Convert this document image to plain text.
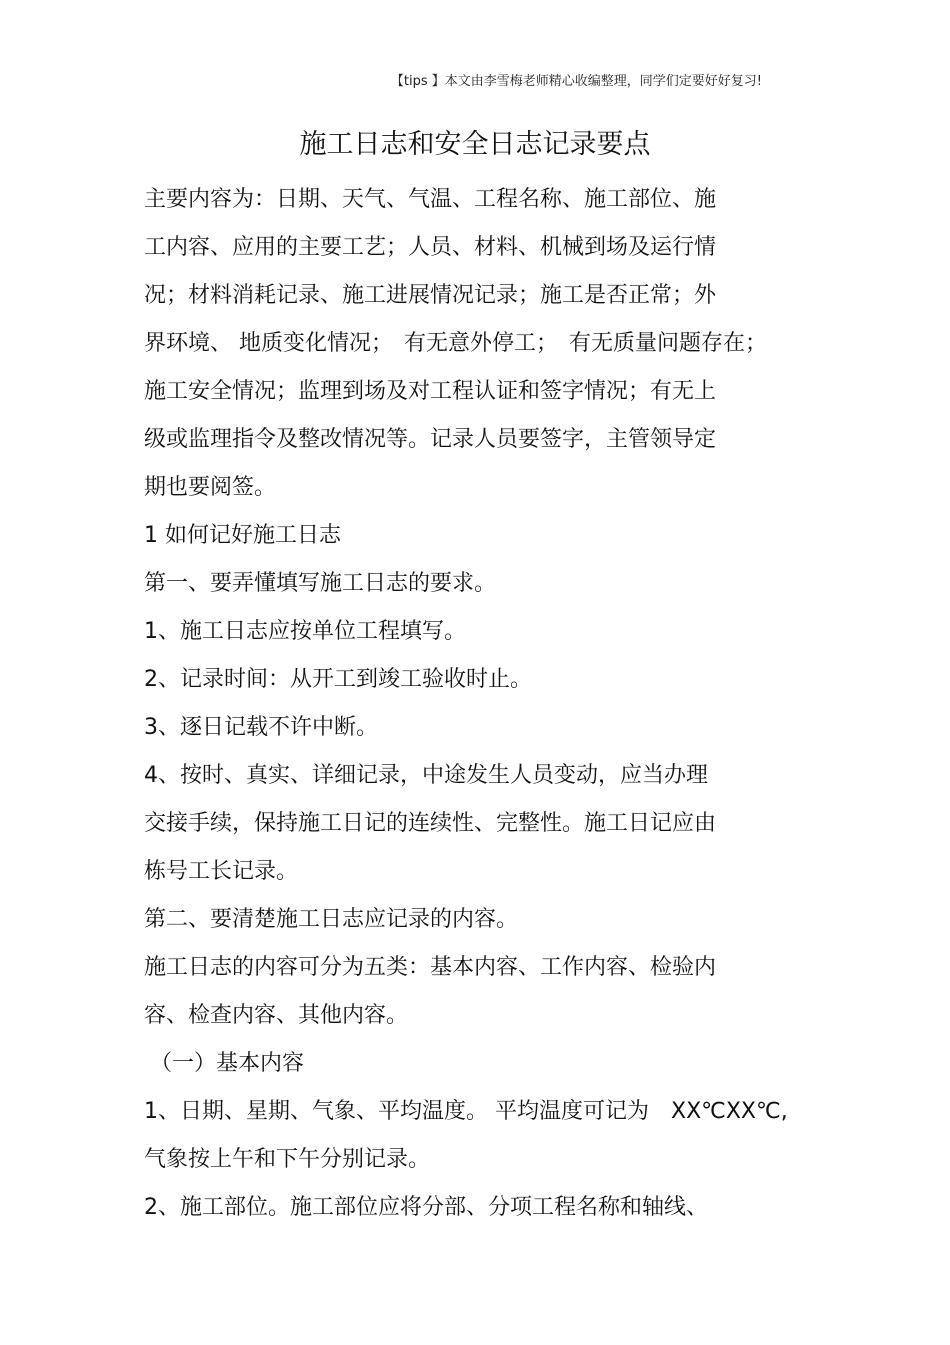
【tips 】本文由李雪梅老师精心收编整理，同学们定要好好复习!
施工日志和安全日志记录要点
主要内容为：日期、天气、气温、工程名称、施工部位、施
工内容、应用的主要工艺；人员、材料、机械到场及运行情
况；材料消耗记录、施工进展情况记录；施工是否正常；外
界环境、 地质变化情况；　有无意外停工；　有无质量问题存在；
施工安全情况；监理到场及对工程认证和签字情况；有无上
级或监理指令及整改情况等。记录人员要签字，主管领导定
期也要阅签。
1 如何记好施工日志
第一、要弄懂填写施工日志的要求。
1、施工日志应按单位工程填写。
2、记录时间：从开工到竣工验收时止。
3、逐日记载不许中断。
4、按时、真实、详细记录，中途发生人员变动，应当办理
交接手续，保持施工日记的连续性、完整性。施工日记应由
栋号工长记录。
第二、要清楚施工日志应记录的内容。
施工日志的内容可分为五类：基本内容、工作内容、检验内
容、检查内容、其他内容。
（一）基本内容
1、日期、星期、气象、平均温度。 平均温度可记为　XX℃XX℃,
气象按上午和下午分别记录。
2、施工部位。施工部位应将分部、分项工程名称和轴线、
